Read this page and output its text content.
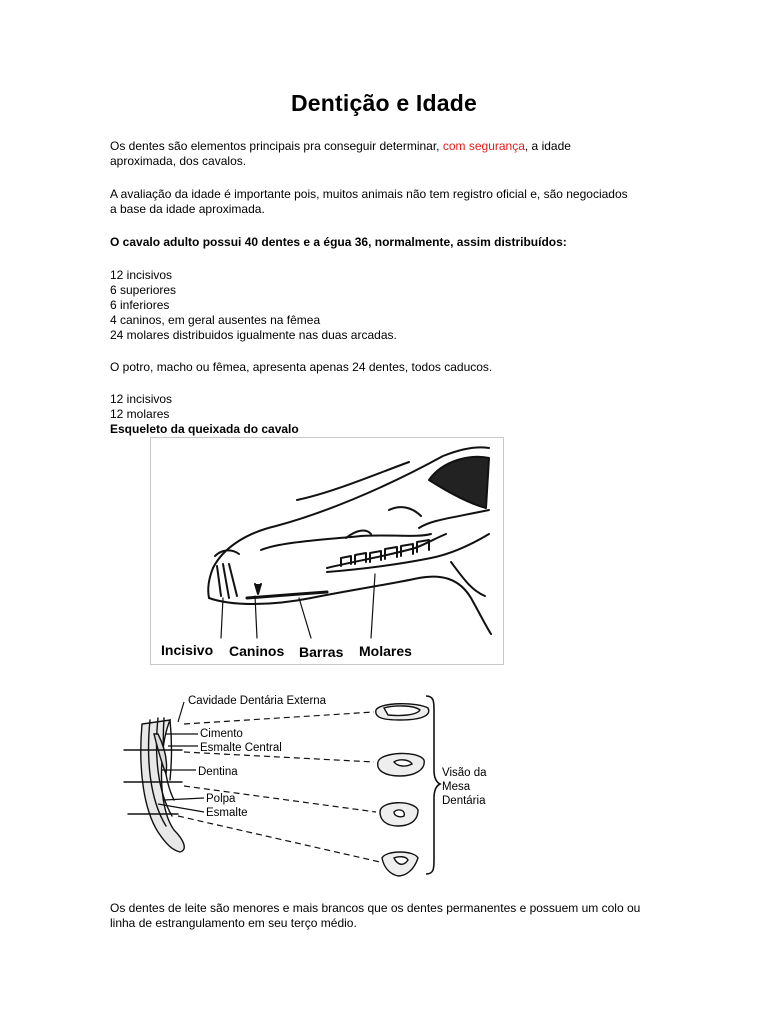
Dentição e Idade
Os dentes são elementos principais pra conseguir determinar, com segurança, a idade aproximada, dos cavalos.
A avaliação da idade é importante pois, muitos animais não tem registro oficial e, são negociados a base da idade aproximada.
O cavalo adulto possui 40 dentes e a égua 36, normalmente, assim distribuídos:
12 incisivos
6 superiores
6 inferiores
4 caninos, em geral ausentes na fêmea
24 molares distribuidos igualmente nas duas arcadas.
O potro, macho ou fêmea, apresenta apenas 24 dentes, todos caducos.
12 incisivos
12 molares
Esqueleto da queixada do cavalo
Incisivo Caninos Barras Molares
Cavidade Dentária Externa
Cimento
Esmalte Central
Dentina
Polpa
Esmalte
Visão da
Mesa
Dentária
Os dentes de leite são menores e mais brancos que os dentes permanentes e possuem um colo ou linha de estrangulamento em seu terço médio.
